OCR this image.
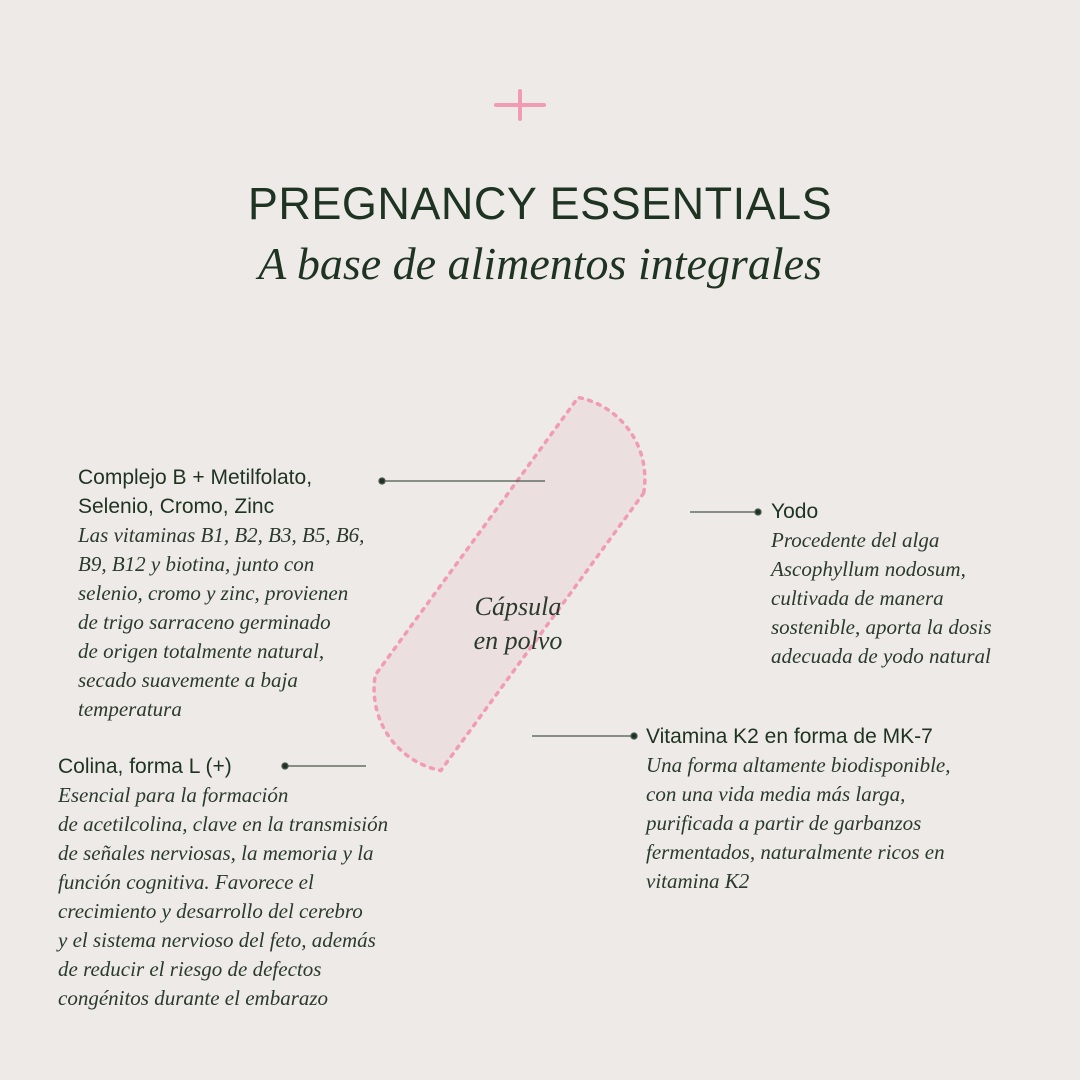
PREGNANCY ESSENTIALS
A base de alimentos integrales
Cápsula
en polvo
Complejo B + Metilfolato,
Selenio, Cromo, Zinc
Las vitaminas B1, B2, B3, B5, B6,
B9, B12 y biotina, junto con
selenio, cromo y zinc, provienen
de trigo sarraceno germinado
de origen totalmente natural,
secado suavemente a baja
temperatura
Yodo
Procedente del alga
Ascophyllum nodosum,
cultivada de manera
sostenible, aporta la dosis
adecuada de yodo natural
Vitamina K2 en forma de MK-7
Una forma altamente biodisponible,
con una vida media más larga,
purificada a partir de garbanzos
fermentados, naturalmente ricos en
vitamina K2
Colina, forma L (+)
Esencial para la formación
de acetilcolina, clave en la transmisión
de señales nerviosas, la memoria y la
función cognitiva. Favorece el
crecimiento y desarrollo del cerebro
y el sistema nervioso del feto, además
de reducir el riesgo de defectos
congénitos durante el embarazo
